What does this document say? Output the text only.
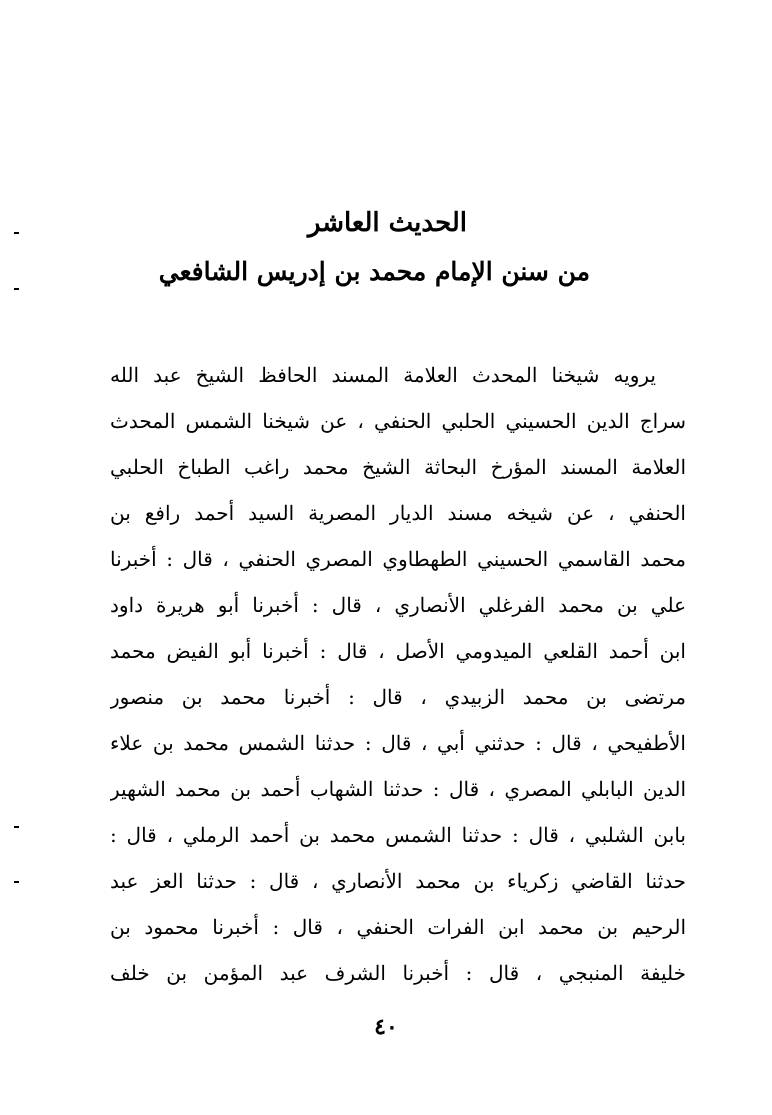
الحديث العاشر
من سنن الإمام محمد بن إدريس الشافعي
يرويه شيخنا المحدث العلامة المسند الحافظ الشيخ عبد الله
سراج الدين الحسيني الحلبي الحنفي ، عن شيخنا الشمس المحدث
العلامة المسند المؤرخ البحاثة الشيخ محمد راغب الطباخ الحلبي
الحنفي ، عن شيخه مسند الديار المصرية السيد أحمد رافع بن
محمد القاسمي الحسيني الطهطاوي المصري الحنفي ، قال : أخبرنا
علي بن محمد الفرغلي الأنصاري ، قال : أخبرنا أبو هريرة داود
ابن أحمد القلعي الميدومي الأصل ، قال : أخبرنا أبو الفيض محمد
مرتضى بن محمد الزبيدي ، قال : أخبرنا محمد بن منصور
الأطفيحي ، قال : حدثني أبي ، قال : حدثنا الشمس محمد بن علاء
الدين البابلي المصري ، قال : حدثنا الشهاب أحمد بن محمد الشهير
بابن الشلبي ، قال : حدثنا الشمس محمد بن أحمد الرملي ، قال :
حدثنا القاضي زكرياء بن محمد الأنصاري ، قال : حدثنا العز عبد
الرحيم بن محمد ابن الفرات الحنفي ، قال : أخبرنا محمود بن
خليفة المنبجي ، قال : أخبرنا الشرف عبد المؤمن بن خلف
٤٠
